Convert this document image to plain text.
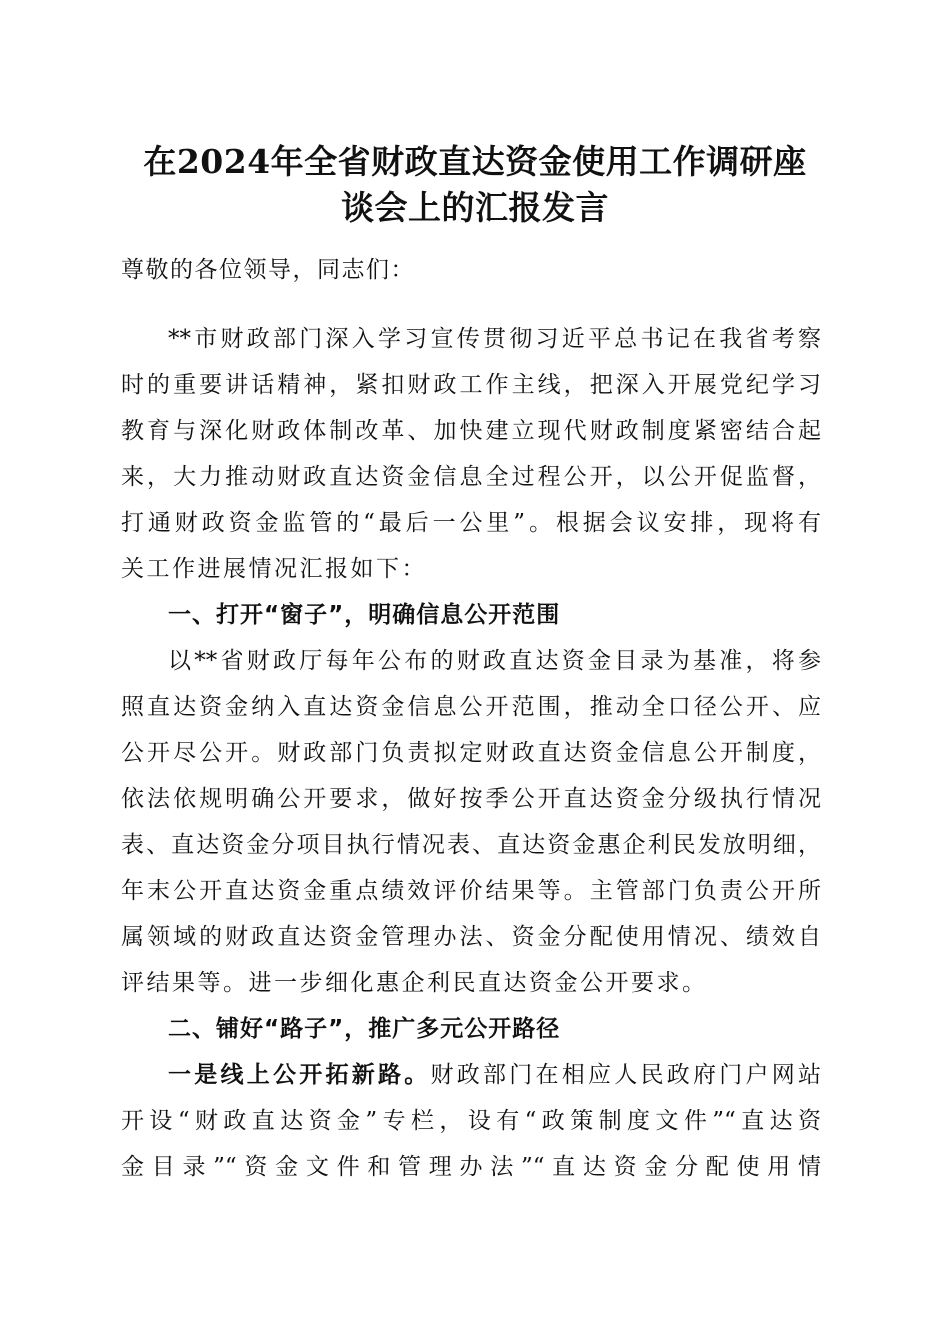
在2024年全省财政直达资金使用工作调研座
谈会上的汇报发言
尊敬的各位领导，同志们：
**市财政部门深入学习宣传贯彻习近平总书记在我省考察
时的重要讲话精神，紧扣财政工作主线，把深入开展党纪学习
教育与深化财政体制改革、加快建立现代财政制度紧密结合起
来，大力推动财政直达资金信息全过程公开，以公开促监督，
打通财政资金监管的“最后一公里”。根据会议安排，现将有
关工作进展情况汇报如下：
一、打开“窗子”，明确信息公开范围
以**省财政厅每年公布的财政直达资金目录为基准，将参
照直达资金纳入直达资金信息公开范围，推动全口径公开、应
公开尽公开。财政部门负责拟定财政直达资金信息公开制度，
依法依规明确公开要求，做好按季公开直达资金分级执行情况
表、直达资金分项目执行情况表、直达资金惠企利民发放明细，
年末公开直达资金重点绩效评价结果等。主管部门负责公开所
属领域的财政直达资金管理办法、资金分配使用情况、绩效自
评结果等。进一步细化惠企利民直达资金公开要求。
二、铺好“路子”，推广多元公开路径
一是线上公开拓新路。财政部门在相应人民政府门户网站
开设“财政直达资金”专栏，设有“政策制度文件”“直达资
金目录”“资金文件和管理办法”“直达资金分配使用情
